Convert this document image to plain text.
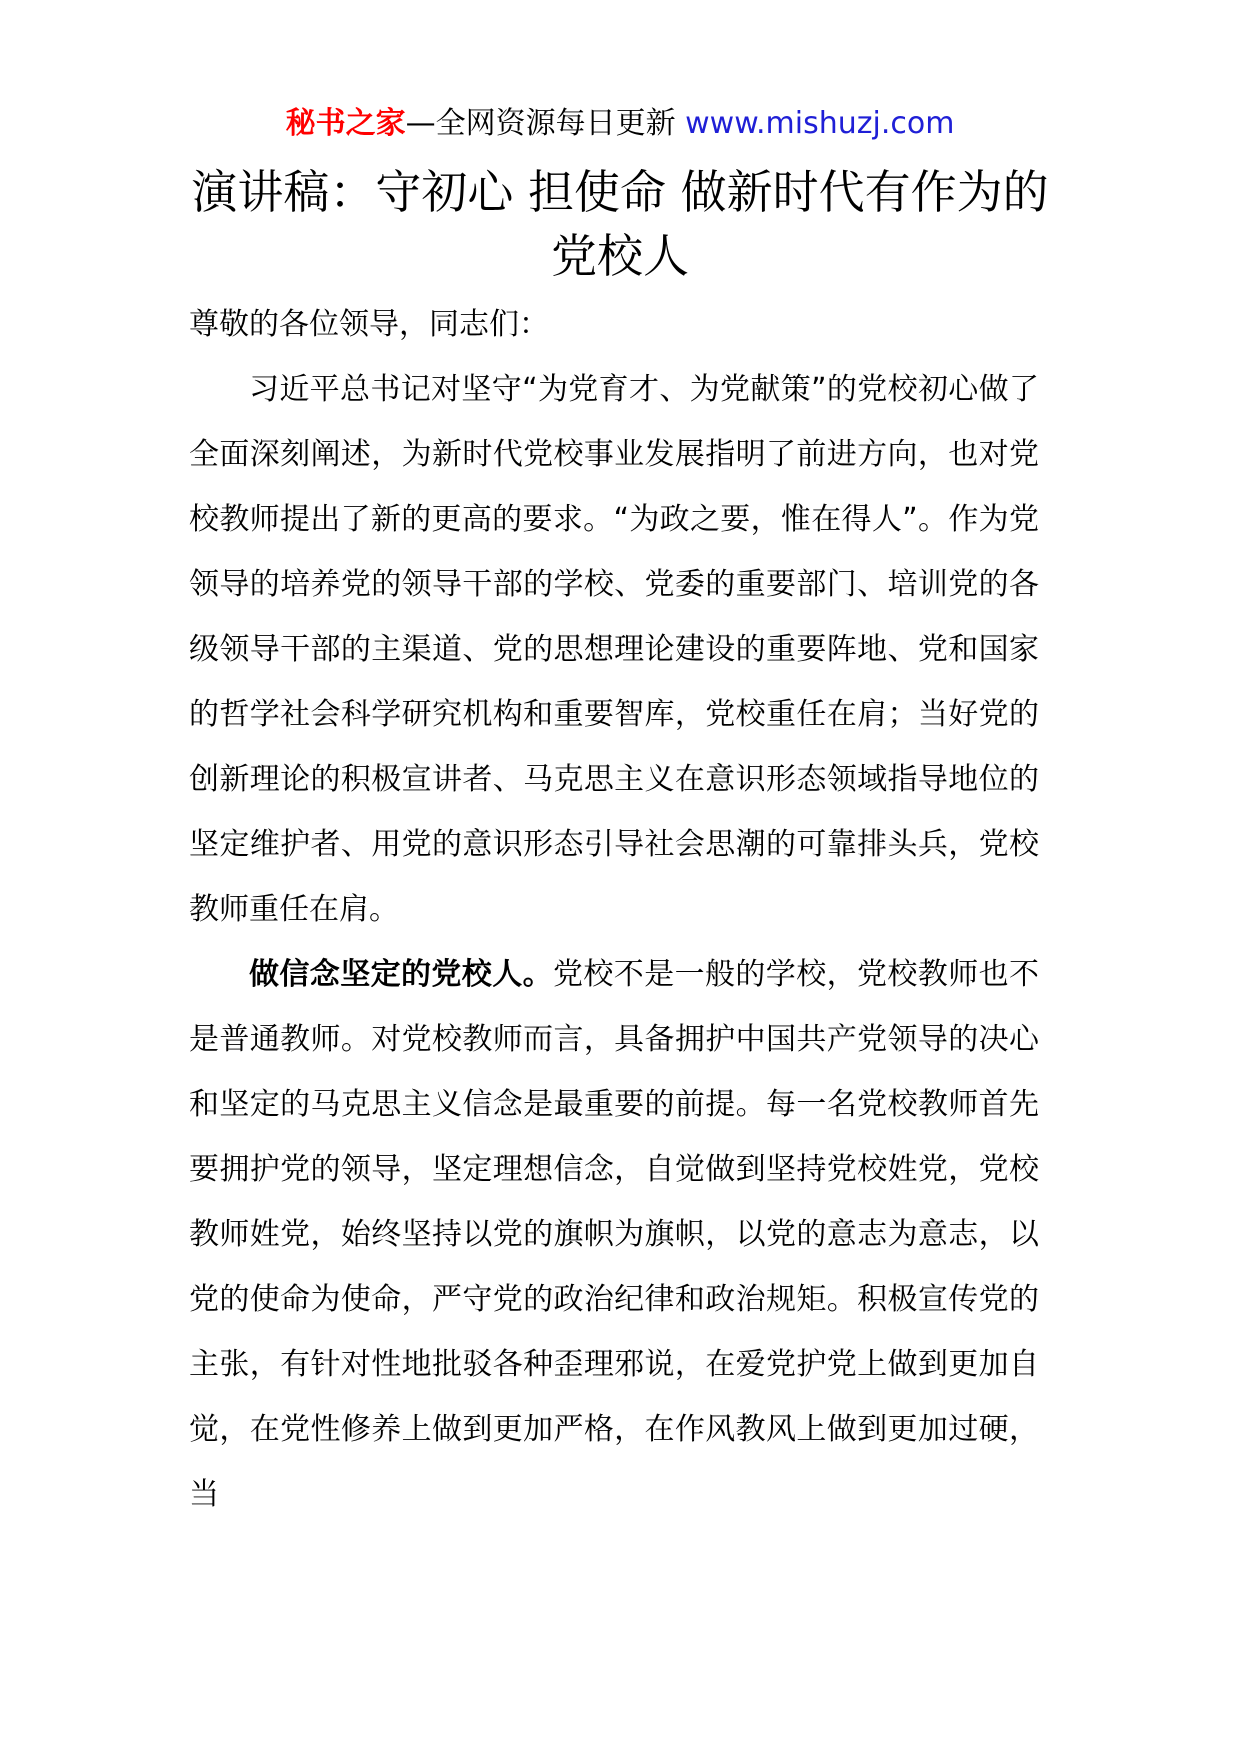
秘书之家—全网资源每日更新 www.mishuzj.com
演讲稿：守初心 担使命 做新时代有作为的
党校人

尊敬的各位领导，同志们：

习近平总书记对坚守“为党育才、为党献策”的党校初心做了全面深刻阐述，为新时代党校事业发展指明了前进方向，也对党校教师提出了新的更高的要求。“为政之要，惟在得人”。作为党领导的培养党的领导干部的学校、党委的重要部门、培训党的各级领导干部的主渠道、党的思想理论建设的重要阵地、党和国家的哲学社会科学研究机构和重要智库，党校重任在肩；当好党的创新理论的积极宣讲者、马克思主义在意识形态领域指导地位的坚定维护者、用党的意识形态引导社会思潮的可靠排头兵，党校教师重任在肩。

做信念坚定的党校人。党校不是一般的学校，党校教师也不是普通教师。对党校教师而言，具备拥护中国共产党领导的决心和坚定的马克思主义信念是最重要的前提。每一名党校教师首先要拥护党的领导，坚定理想信念，自觉做到坚持党校姓党，党校教师姓党，始终坚持以党的旗帜为旗帜，以党的意志为意志，以党的使命为使命，严守党的政治纪律和政治规矩。积极宣传党的主张，有针对性地批驳各种歪理邪说，在爱党护党上做到更加自觉，在党性修养上做到更加严格，在作风教风上做到更加过硬，当
